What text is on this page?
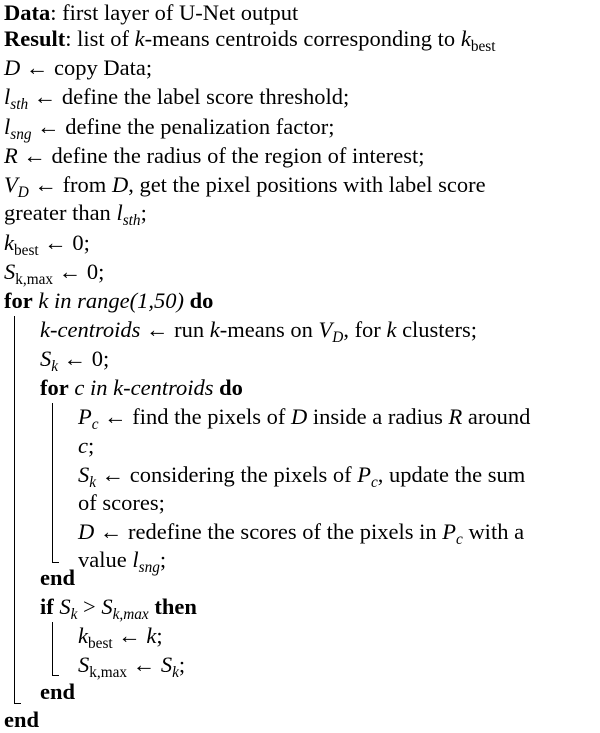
Data: first layer of U-Net output
Result: list of k-means centroids corresponding to $k_{best}$
D ← copy Data;
$l_{sth}$ ← define the label score threshold;
$l_{sng}$ ← define the penalization factor;
R ← define the radius of the region of interest;
$V_D$ ← from D, get the pixel positions with label score
greater than $l_{sth}$;
$k_{best}$ ← 0;
$S_{k,max}$ ← 0;
for k in range(1,50) do
k-centroids ← run k-means on $V_D$, for k clusters;
$S_k$ ← 0;
for c in k-centroids do
$P_c$ ← find the pixels of D inside a radius R around
c;
$S_k$ ← considering the pixels of $P_c$, update the sum
of scores;
D ← redefine the scores of the pixels in $P_c$ with a
value $l_{sng}$;
end
if $S_k > S_{k,max}$ then
$k_{best}$ ← k;
$S_{k,max}$ ← $S_k$;
end
end
